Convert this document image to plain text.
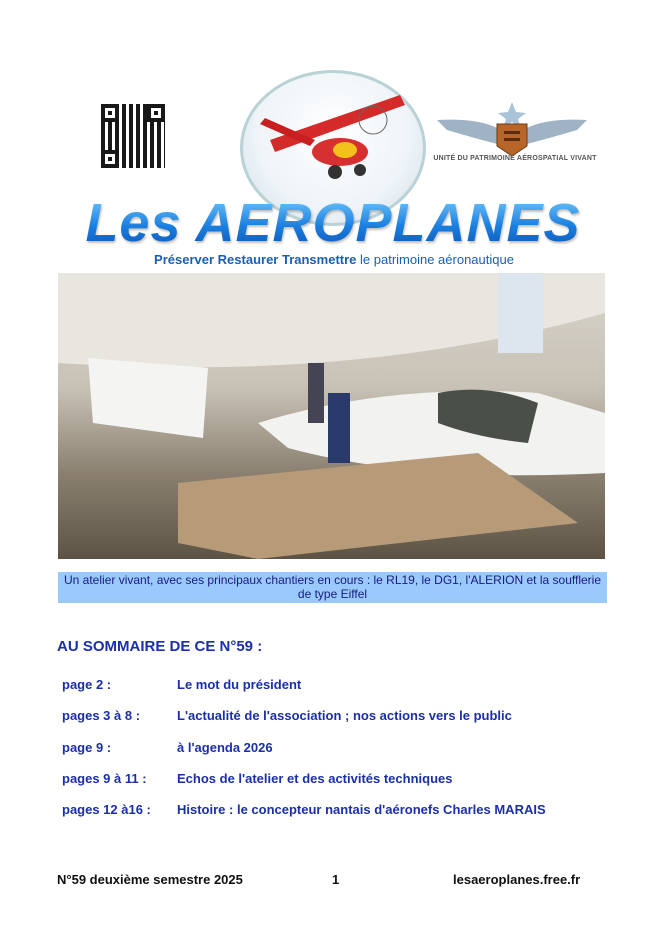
UNITÉ DU PATRIMOINE AÉROSPATIAL VIVANT
Les AEROPLANES
Préserver Restaurer Transmettre le patrimoine aéronautique
Un atelier vivant, avec ses principaux chantiers en cours : le RL19, le DG1, l'ALERION et la soufflerie de type Eiffel
AU SOMMAIRE DE CE N°59 :
page 2 :	Le mot du président
pages 3 à 8 :	L'actualité de l'association ; nos actions vers le public
page 9 :	à l'agenda 2026
pages 9 à 11 : Echos de l'atelier et des activités techniques
pages 12 à16 : Histoire : le concepteur nantais d'aéronefs Charles MARAIS
N°59 deuxième semestre 2025	1	lesaeroplanes.free.fr
